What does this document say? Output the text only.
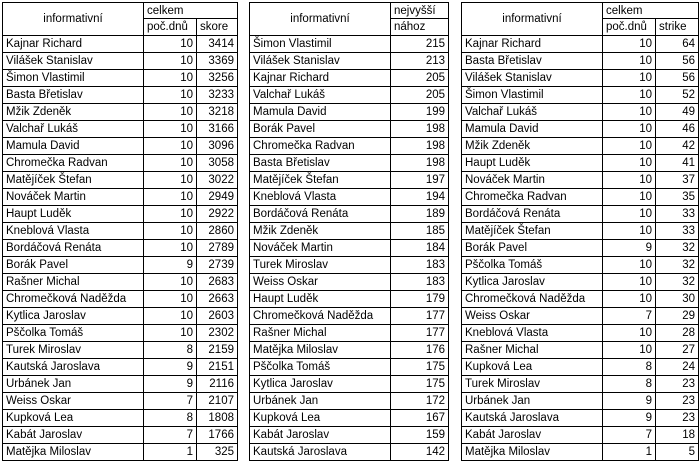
informativní	celkem	
	poč.dnů	skore
Kajnar Richard	10	3414
Vilášek Stanislav	10	3369
Šimon Vlastimil	10	3256
Basta Břetislav	10	3233
Mžik Zdeněk	10	3218
Valchař Lukáš	10	3166
Mamula David	10	3096
Chromečka Radvan	10	3058
Matějíček Štefan	10	3022
Nováček Martin	10	2949
Haupt Luděk	10	2922
Kneblová Vlasta	10	2860
Bordáčová Renáta	10	2789
Borák Pavel	9	2739
Rašner Michal	10	2683
Chromečková Naděžda	10	2663
Kytlica Jaroslav	10	2603
Pščolka Tomáš	10	2302
Turek Miroslav	8	2159
Kautská Jaroslava	9	2151
Urbánek Jan	9	2116
Weiss Oskar	7	2107
Kupková Lea	8	1808
Kabát Jaroslav	7	1766
Matějka Miloslav	1	325
informativní	nejvyšší
	nához
Šimon Vlastimil	215
Vilášek Stanislav	213
Kajnar Richard	205
Valchař Lukáš	205
Mamula David	199
Borák Pavel	198
Chromečka Radvan	198
Basta Břetislav	198
Matějíček Štefan	197
Kneblová Vlasta	194
Bordáčová Renáta	189
Mžik Zdeněk	185
Nováček Martin	184
Turek Miroslav	183
Weiss Oskar	183
Haupt Luděk	179
Chromečková Naděžda	177
Rašner Michal	177
Matějka Miloslav	176
Pščolka Tomáš	175
Kytlica Jaroslav	175
Urbánek Jan	172
Kupková Lea	167
Kabát Jaroslav	159
Kautská Jaroslava	142
informativní	celkem	
	poč.dnů	strike
Kajnar Richard	10	64
Basta Břetislav	10	56
Vilášek Stanislav	10	56
Šimon Vlastimil	10	52
Valchař Lukáš	10	49
Mamula David	10	46
Mžik Zdeněk	10	42
Haupt Luděk	10	41
Nováček Martin	10	37
Chromečka Radvan	10	35
Bordáčová Renáta	10	33
Matějíček Štefan	10	33
Borák Pavel	9	32
Pščolka Tomáš	10	32
Kytlica Jaroslav	10	32
Chromečková Naděžda	10	30
Weiss Oskar	7	29
Kneblová Vlasta	10	28
Rašner Michal	10	27
Kupková Lea	8	24
Turek Miroslav	8	23
Urbánek Jan	9	23
Kautská Jaroslava	9	23
Kabát Jaroslav	7	18
Matějka Miloslav	1	5
